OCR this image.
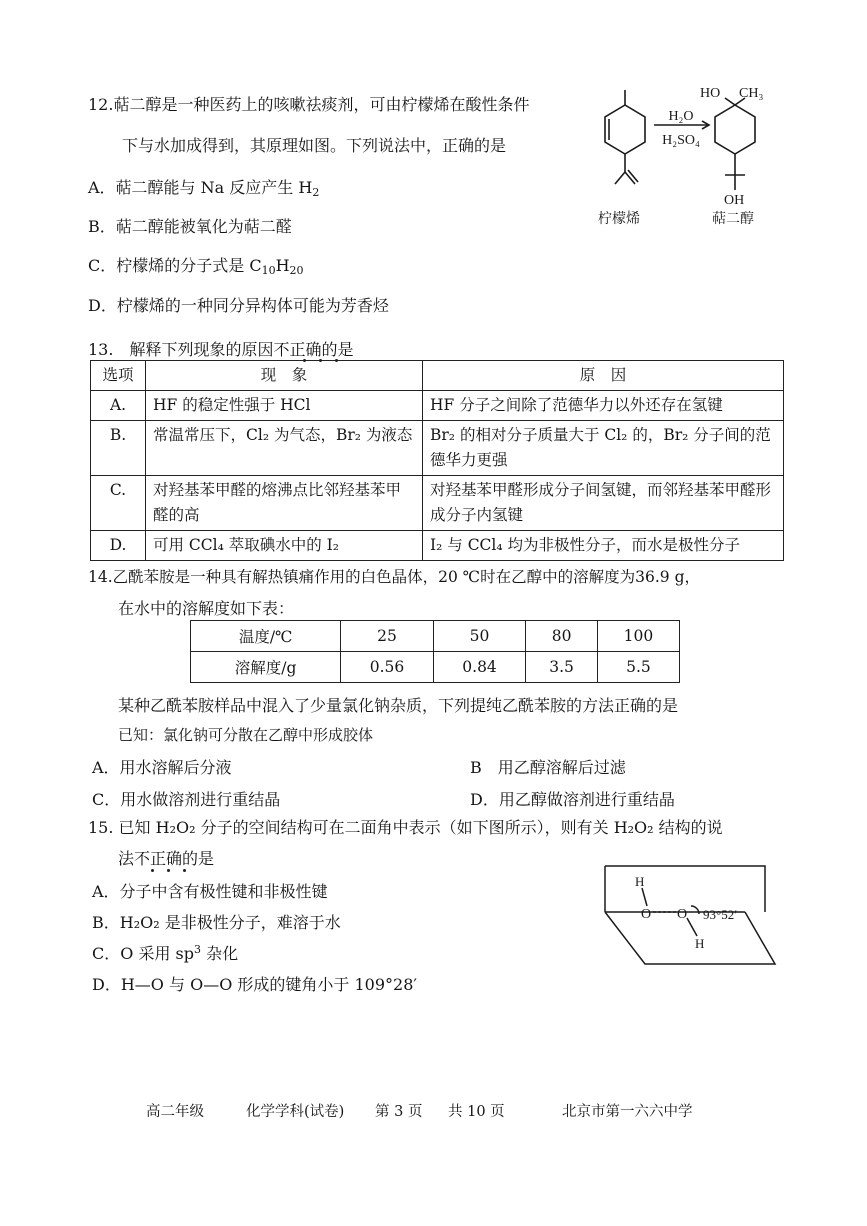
12.萜二醇是一种医药上的咳嗽祛痰剂，可由柠檬烯在酸性条件
下与水加成得到，其原理如图。下列说法中，正确的是
A．萜二醇能与 Na 反应产生 $H_2$
B．萜二醇能被氧化为萜二醛
C．柠檬烯的分子式是 $C_{10}H_{20}$
D．柠檬烯的一种同分异构体可能为芳香烃
H₂O
H₂SO₄
HO CH₃
OH
柠檬烯	萜二醇
13.　解释下列现象的原因不正确的是
选项	现　象	原　因
A.	HF 的稳定性强于 HCl	HF 分子之间除了范德华力以外还存在氢键
B.	常温常压下，Cl₂ 为气态，Br₂ 为液态	Br₂ 的相对分子质量大于 Cl₂ 的，Br₂ 分子间的范德华力更强
C.	对羟基苯甲醛的熔沸点比邻羟基苯甲醛的高	对羟基苯甲醛形成分子间氢键，而邻羟基苯甲醛形成分子内氢键
D.	可用 CCl₄ 萃取碘水中的 I₂	I₂ 与 CCl₄ 均为非极性分子，而水是极性分子
14.乙酰苯胺是一种具有解热镇痛作用的白色晶体，20 ℃时在乙醇中的溶解度为36.9 g，
在水中的溶解度如下表：
温度/℃	25	50	80	100
溶解度/g	0.56	0.84	3.5	5.5
某种乙酰苯胺样品中混入了少量氯化钠杂质，下列提纯乙酰苯胺的方法正确的是
已知：氯化钠可分散在乙醇中形成胶体
A．用水溶解后分液	B　用乙醇溶解后过滤
C．用水做溶剂进行重结晶	D．用乙醇做溶剂进行重结晶
15. 已知 H₂O₂ 分子的空间结构可在二面角中表示（如下图所示），则有关 H₂O₂ 结构的说
法不正确的是
A．分子中含有极性键和非极性键
B．H₂O₂ 是非极性分子，难溶于水
C．O 采用 $sp^3$ 杂化
D．H—O 与 O—O 形成的键角小于 109°28′
H
O O
H
93°52′
高二年级	化学学科(试卷) 第 3 页 共 10 页	北京市第一六六中学
